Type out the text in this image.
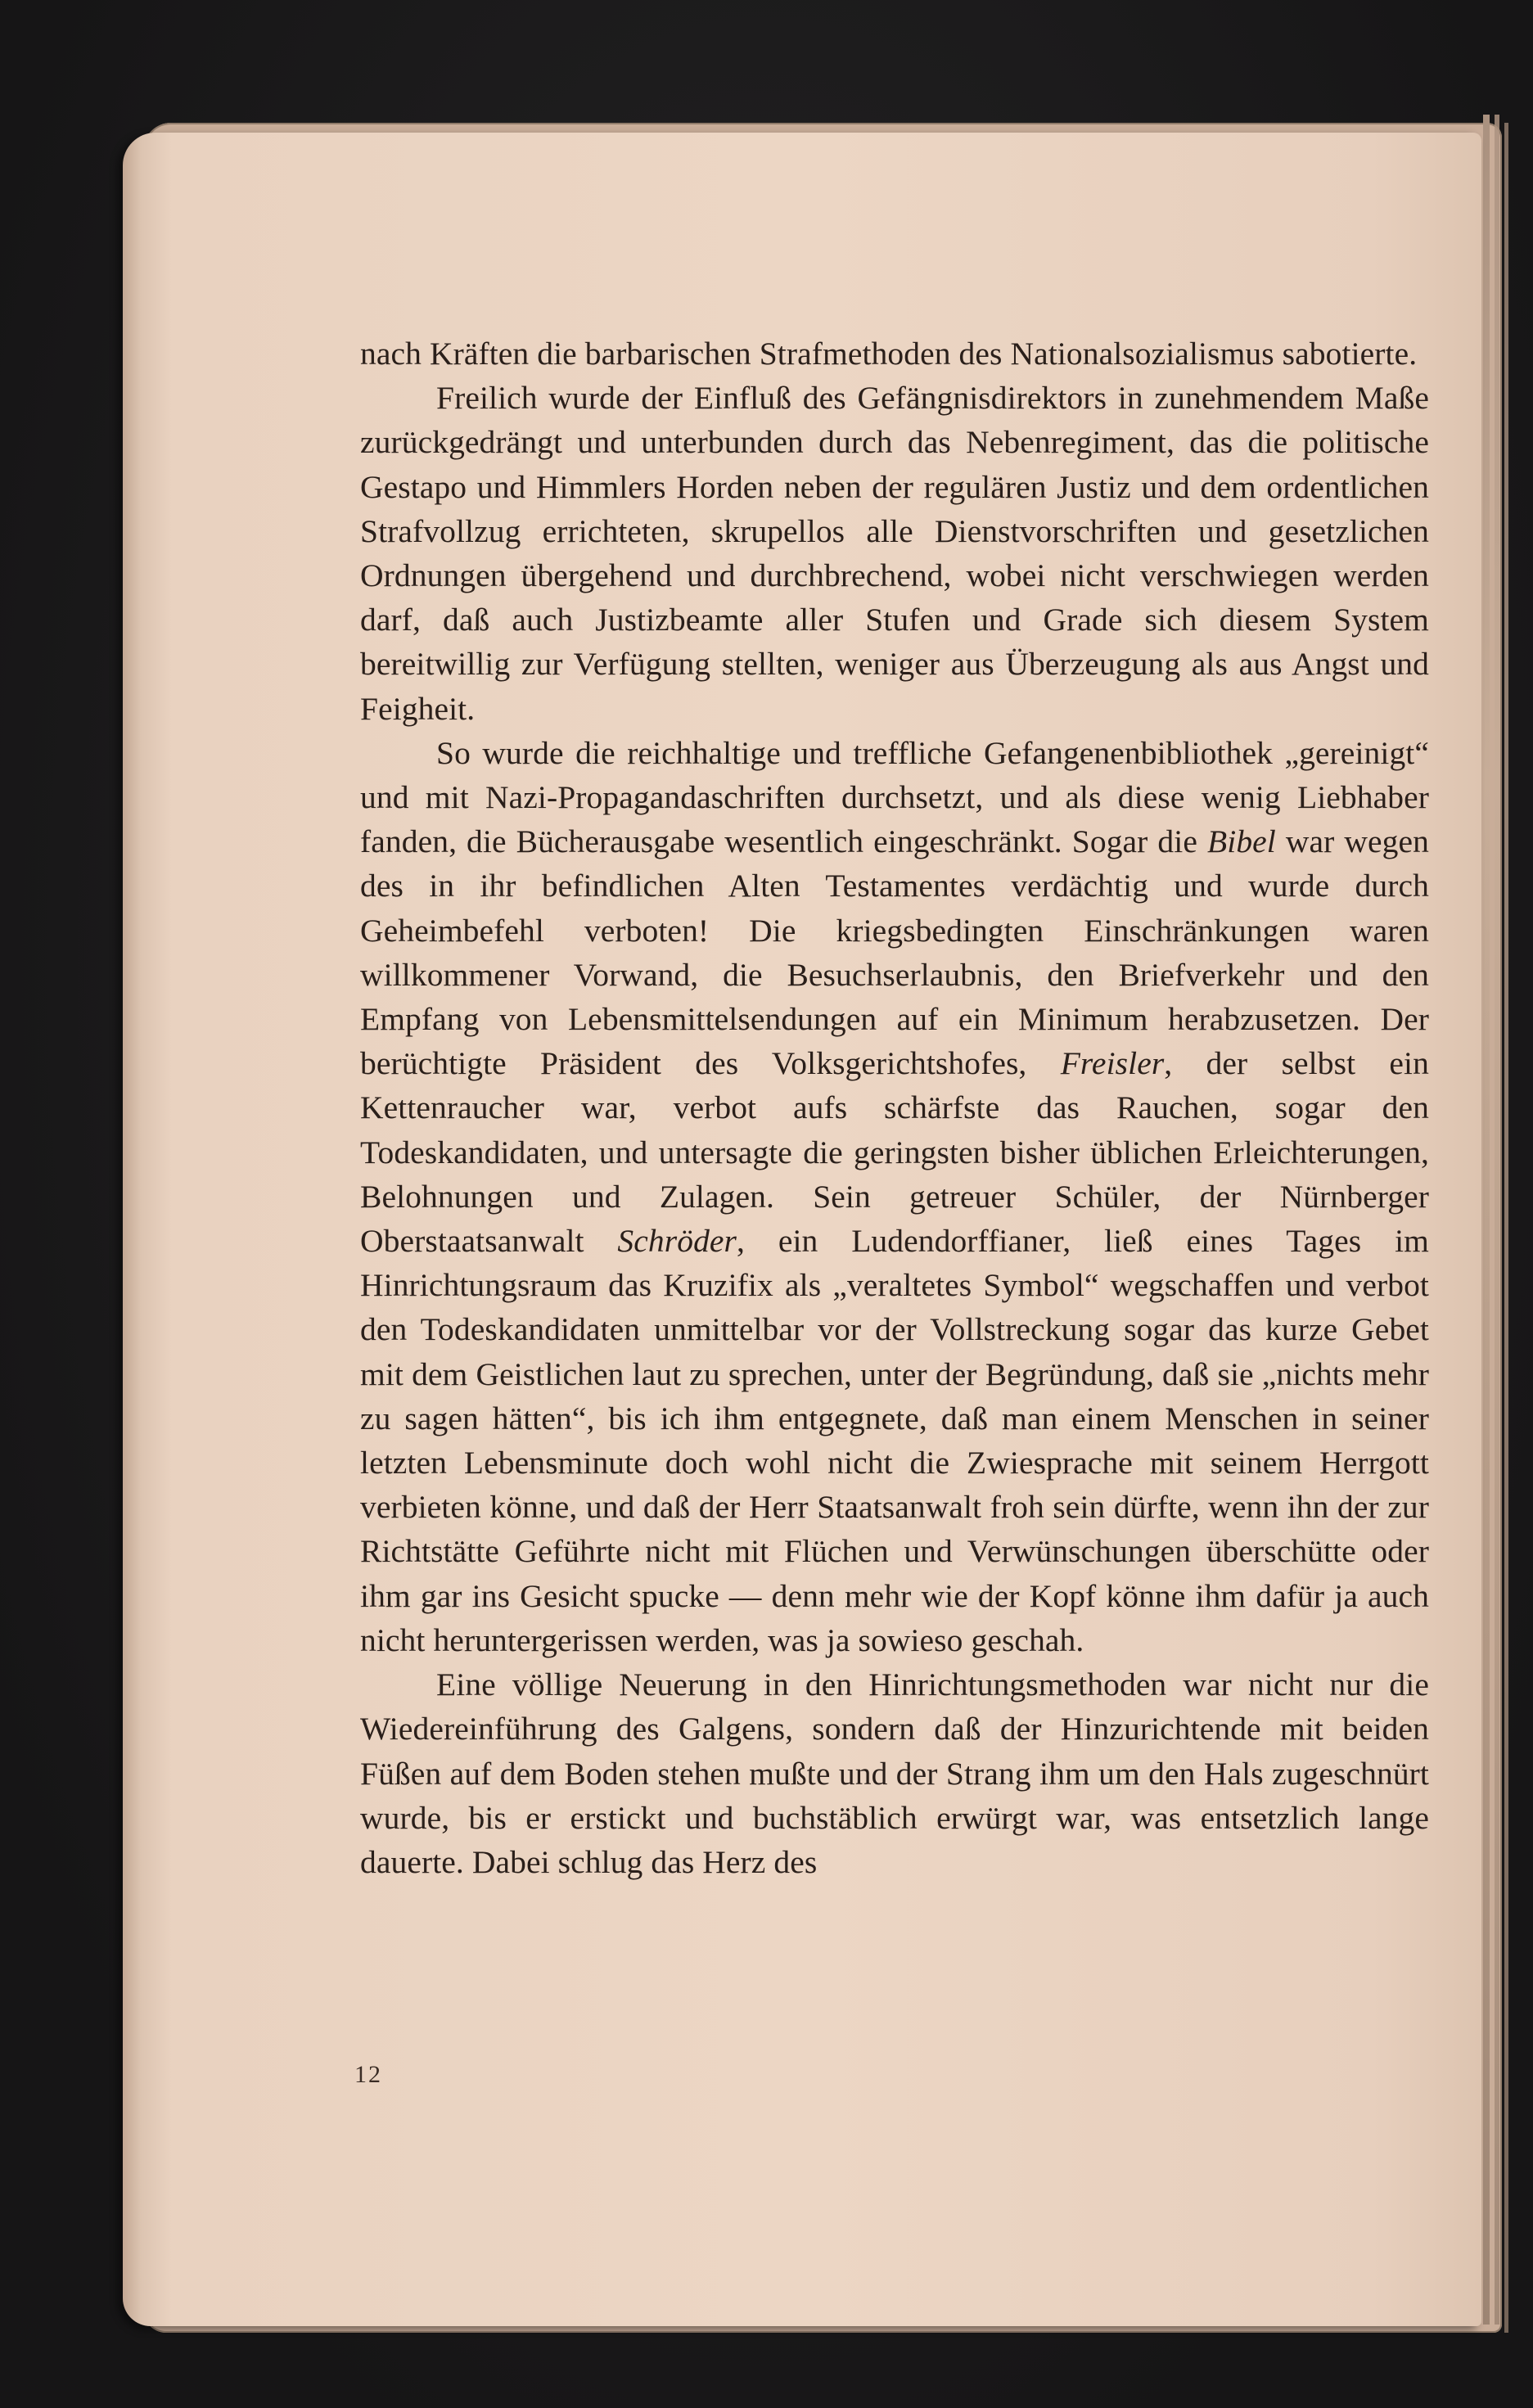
nach Kräften die barbarischen Strafmethoden des Nationalsozialismus sabotierte.

Freilich wurde der Einfluß des Gefängnisdirektors in zunehmendem Maße zurückgedrängt und unterbunden durch das Nebenregiment, das die politische Gestapo und Himmlers Horden neben der regulären Justiz und dem ordentlichen Strafvollzug errichteten, skrupellos alle Dienstvorschriften und gesetzlichen Ordnungen übergehend und durchbrechend, wobei nicht verschwiegen werden darf, daß auch Justizbeamte aller Stufen und Grade sich diesem System bereitwillig zur Verfügung stellten, weniger aus Überzeugung als aus Angst und Feigheit.

So wurde die reichhaltige und treffliche Gefangenenbibliothek „gereinigt“ und mit Nazi-Propagandaschriften durchsetzt, und als diese wenig Liebhaber fanden, die Bücherausgabe wesentlich eingeschränkt. Sogar die Bibel war wegen des in ihr befindlichen Alten Testamentes verdächtig und wurde durch Geheimbefehl verboten! Die kriegsbedingten Einschränkungen waren willkommener Vorwand, die Besuchserlaubnis, den Briefverkehr und den Empfang von Lebensmittelsendungen auf ein Minimum herabzusetzen. Der berüchtigte Präsident des Volksgerichtshofes, Freisler, der selbst ein Kettenraucher war, verbot aufs schärfste das Rauchen, sogar den Todeskandidaten, und untersagte die geringsten bisher üblichen Erleichterungen, Belohnungen und Zulagen. Sein getreuer Schüler, der Nürnberger Oberstaatsanwalt Schröder, ein Ludendorffianer, ließ eines Tages im Hinrichtungsraum das Kruzifix als „veraltetes Symbol“ wegschaffen und verbot den Todeskandidaten unmittelbar vor der Vollstreckung sogar das kurze Gebet mit dem Geistlichen laut zu sprechen, unter der Begründung, daß sie „nichts mehr zu sagen hätten“, bis ich ihm entgegnete, daß man einem Menschen in seiner letzten Lebensminute doch wohl nicht die Zwiesprache mit seinem Herrgott verbieten könne, und daß der Herr Staatsanwalt froh sein dürfte, wenn ihn der zur Richtstätte Geführte nicht mit Flüchen und Verwünschungen überschütte oder ihm gar ins Gesicht spucke — denn mehr wie der Kopf könne ihm dafür ja auch nicht heruntergerissen werden, was ja sowieso geschah.

Eine völlige Neuerung in den Hinrichtungsmethoden war nicht nur die Wiedereinführung des Galgens, sondern daß der Hinzurichtende mit beiden Füßen auf dem Boden stehen mußte und der Strang ihm um den Hals zugeschnürt wurde, bis er erstickt und buchstäblich erwürgt war, was entsetzlich lange dauerte. Dabei schlug das Herz des

12
